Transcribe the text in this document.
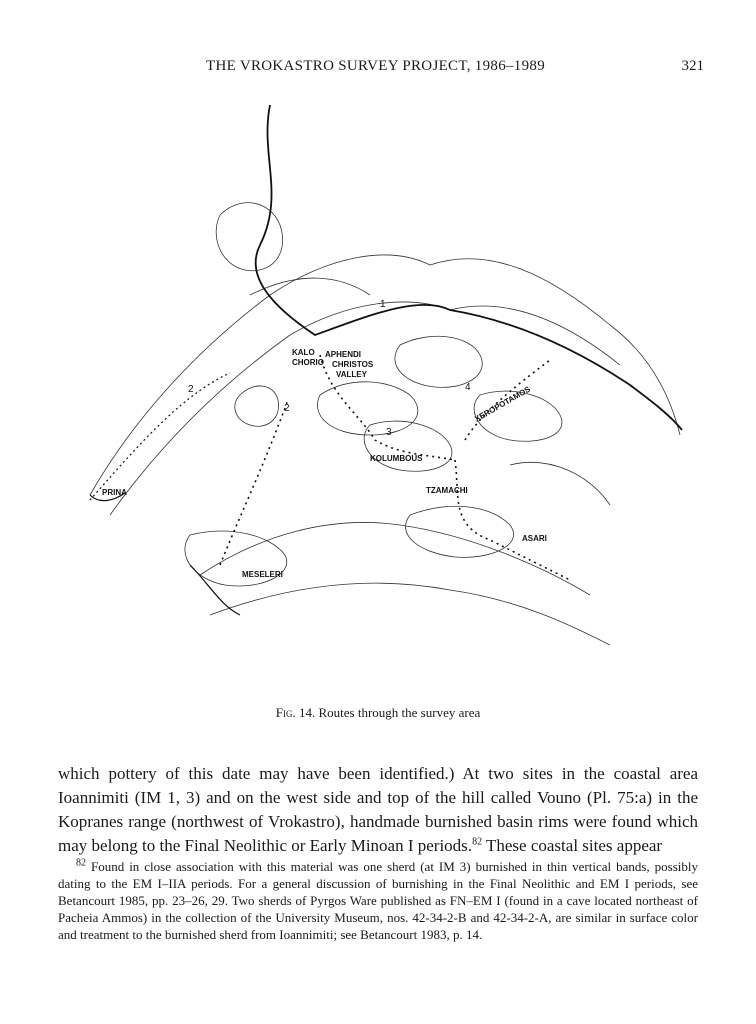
THE VROKASTRO SURVEY PROJECT, 1986–1989	321
1
2
2
3
4
KALO
CHORIO
APHENDI
CHRISTOS
VALLEY
KOLUMBOUS
XEROPOTAMOS
TZAMACHI
ASARI
PRINA
MESELERI
Fig. 14. Routes through the survey area
which pottery of this date may have been identified.) At two sites in the coastal area Ioannimiti (IM 1, 3) and on the west side and top of the hill called Vouno (Pl. 75:a) in the Kopranes range (northwest of Vrokastro), handmade burnished basin rims were found which may belong to the Final Neolithic or Early Minoan I periods.$^{82}$ These coastal sites appear
$^{82}$ Found in close association with this material was one sherd (at IM 3) burnished in thin vertical bands, possibly dating to the EM I–IIA periods. For a general discussion of burnishing in the Final Neolithic and EM I periods, see Betancourt 1985, pp. 23–26, 29. Two sherds of Pyrgos Ware published as FN–EM I (found in a cave located northeast of Pacheia Ammos) in the collection of the University Museum, nos. 42-34-2-B and 42-34-2-A, are similar in surface color and treatment to the burnished sherd from Ioannimiti; see Betancourt 1983, p. 14.
